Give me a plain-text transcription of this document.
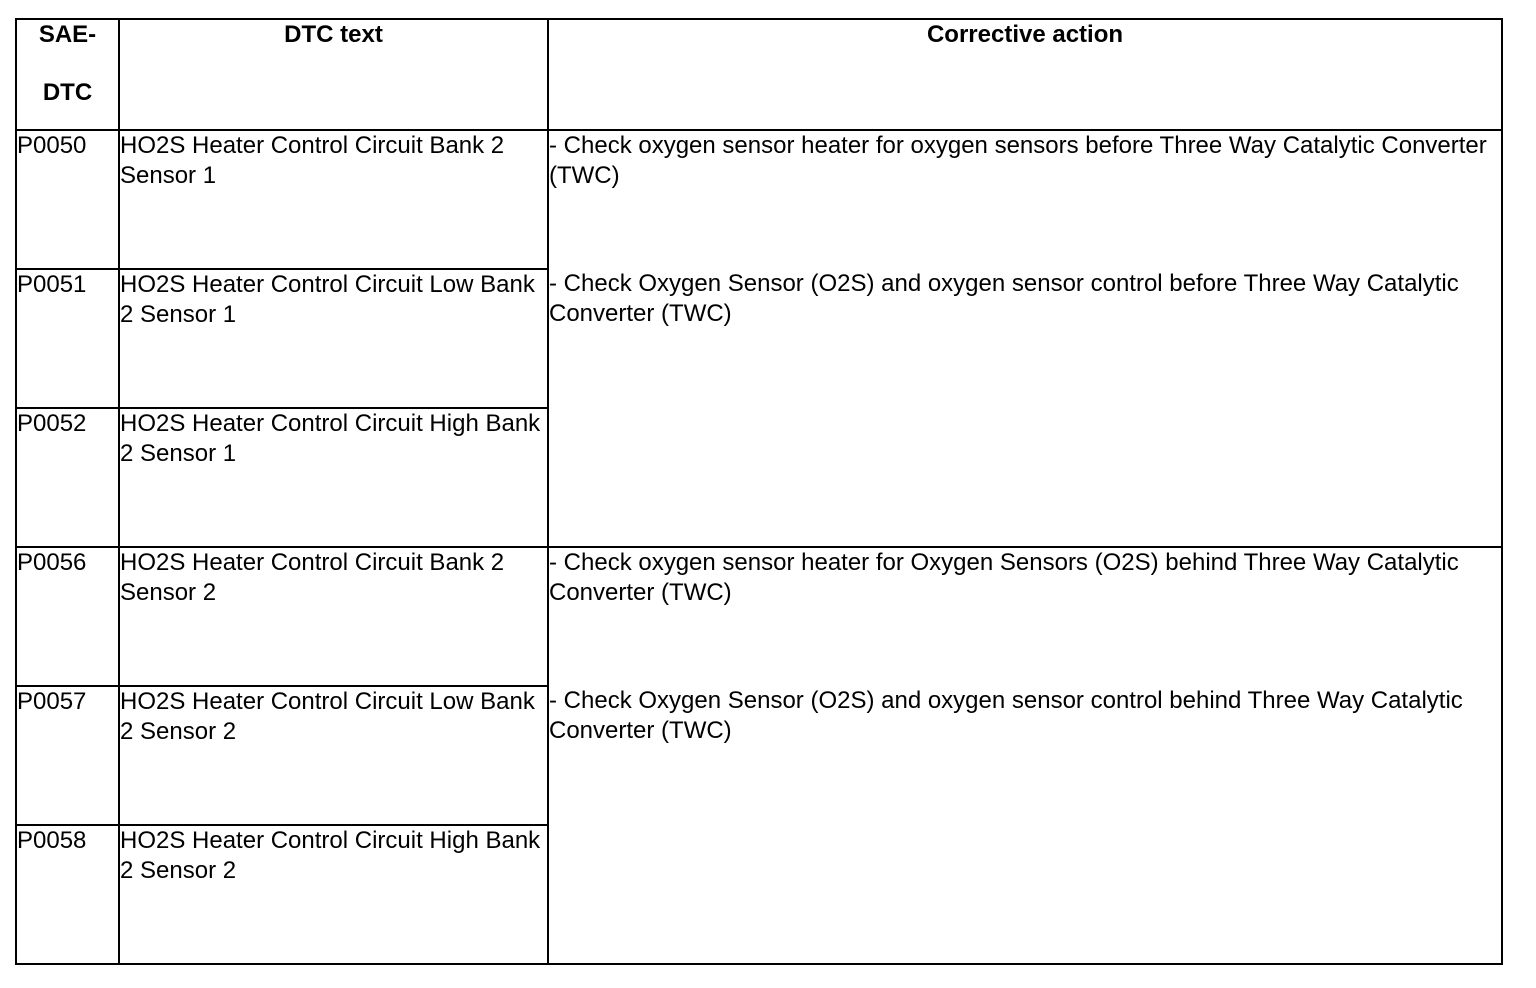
SAE-
DTC	DTC text	Corrective action
P0050	HO2S Heater Control Circuit Bank 2 Sensor 1	- Check oxygen sensor heater for oxygen sensors before Three Way Catalytic Converter (TWC)

- Check Oxygen Sensor (O2S) and oxygen sensor control before Three Way Catalytic Converter (TWC)

P0051	HO2S Heater Control Circuit Low Bank 2 Sensor 1	
P0052	HO2S Heater Control Circuit High Bank 2 Sensor 1	
P0056	HO2S Heater Control Circuit Bank 2 Sensor 2	- Check oxygen sensor heater for Oxygen Sensors (O2S) behind Three Way Catalytic Converter (TWC)

- Check Oxygen Sensor (O2S) and oxygen sensor control behind Three Way Catalytic Converter (TWC)

P0057	HO2S Heater Control Circuit Low Bank 2 Sensor 2	
P0058	HO2S Heater Control Circuit High Bank 2 Sensor 2	
